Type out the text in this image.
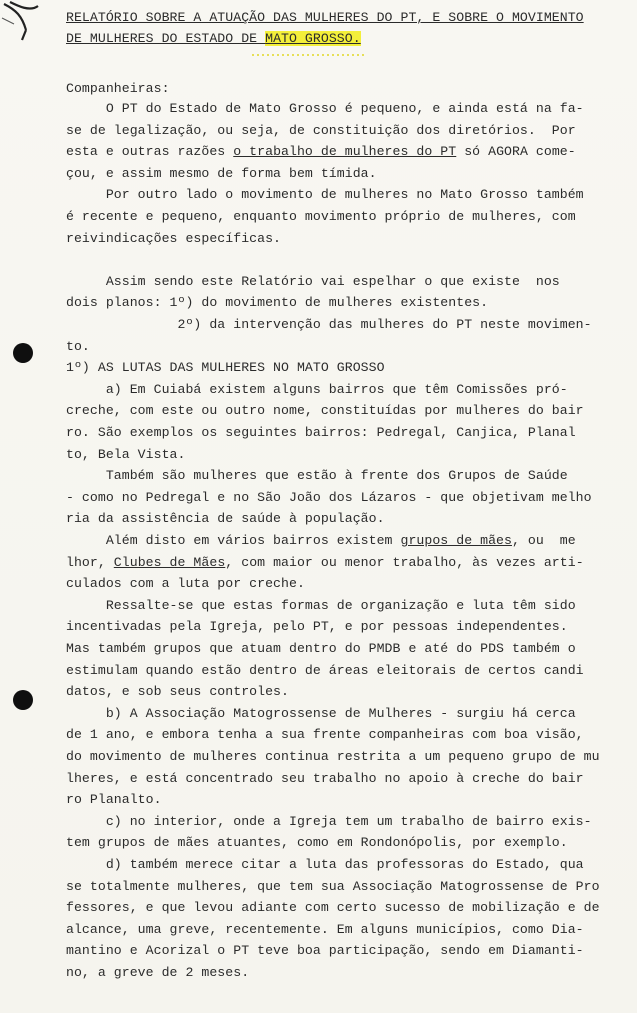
RELATÓRIO SOBRE A ATUAÇÃO DAS MULHERES DO PT, E SOBRE O MOVIMENTO
DE MULHERES DO ESTADO DE MATO GROSSO.
Companheiras:
O PT do Estado de Mato Grosso é pequeno, e ainda está na fa-
se de legalização, ou seja, de constituição dos diretórios.  Por
esta e outras razões o trabalho de mulheres do PT só AGORA come-
çou, e assim mesmo de forma bem tímida.
Por outro lado o movimento de mulheres no Mato Grosso também
é recente e pequeno, enquanto movimento próprio de mulheres, com
reivindicações específicas.
Assim sendo este Relatório vai espelhar o que existe  nos
dois planos: 1º) do movimento de mulheres existentes.
2º) da intervenção das mulheres do PT neste movimen-
to.
1º) AS LUTAS DAS MULHERES NO MATO GROSSO
a) Em Cuiabá existem alguns bairros que têm Comissões pró-
creche, com este ou outro nome, constituídas por mulheres do bair
ro. São exemplos os seguintes bairros: Pedregal, Canjica, Planal
to, Bela Vista.
Também são mulheres que estão à frente dos Grupos de Saúde
- como no Pedregal e no São João dos Lázaros - que objetivam melho
ria da assistência de saúde à população.
Além disto em vários bairros existem grupos de mães, ou  me
lhor, Clubes de Mães, com maior ou menor trabalho, às vezes arti-
culados com a luta por creche.
Ressalte-se que estas formas de organização e luta têm sido
incentivadas pela Igreja, pelo PT, e por pessoas independentes.
Mas também grupos que atuam dentro do PMDB e até do PDS também o
estimulam quando estão dentro de áreas eleitorais de certos candi
datos, e sob seus controles.
b) A Associação Matogrossense de Mulheres - surgiu há cerca
de 1 ano, e embora tenha a sua frente companheiras com boa visão,
do movimento de mulheres continua restrita a um pequeno grupo de mu
lheres, e está concentrado seu trabalho no apoio à creche do bair
ro Planalto.
c) no interior, onde a Igreja tem um trabalho de bairro exis-
tem grupos de mães atuantes, como em Rondonópolis, por exemplo.
d) também merece citar a luta das professoras do Estado, qua
se totalmente mulheres, que tem sua Associação Matogrossense de Pro
fessores, e que levou adiante com certo sucesso de mobilização e de
alcance, uma greve, recentemente. Em alguns municípios, como Dia-
mantino e Acorizal o PT teve boa participação, sendo em Diamanti-
no, a greve de 2 meses.
